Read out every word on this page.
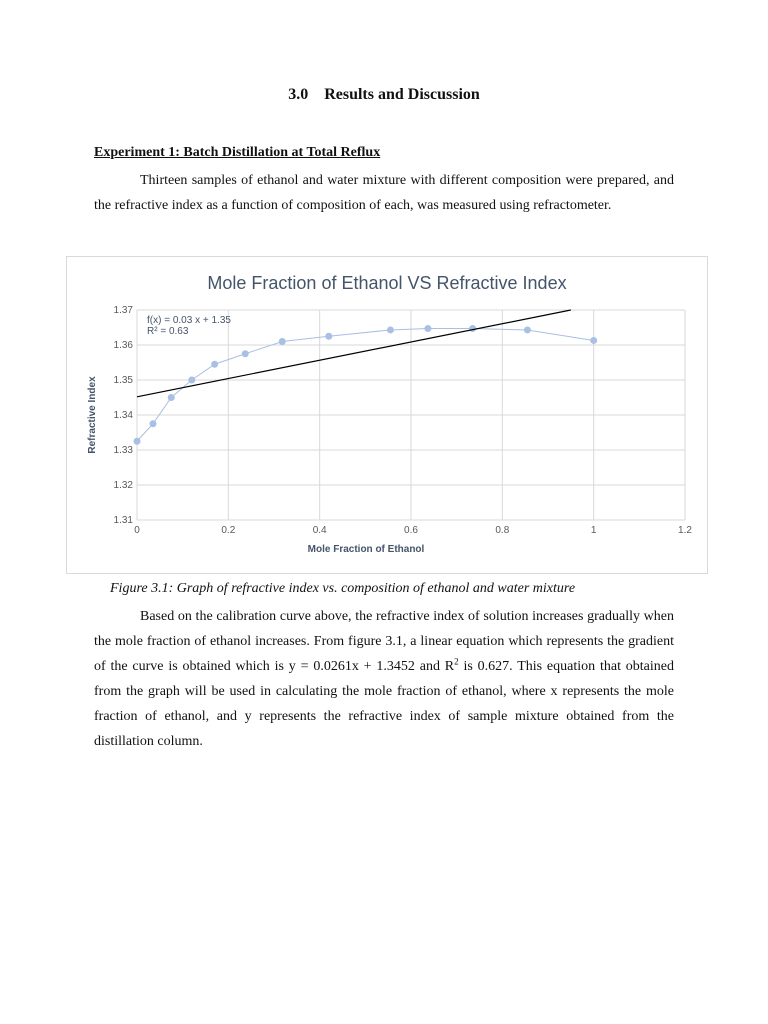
3.0 Results and Discussion
Experiment 1: Batch Distillation at Total Reflux

Thirteen samples of ethanol and water mixture with different composition were prepared, and the refractive index as a function of composition of each, was measured using refractometer.

Mole Fraction of Ethanol VS Refractive Index
0	0.2	0.4	0.6	0.8	1	1.2
1.31
1.32
1.33
1.34
1.35
1.36
1.37
Mole Fraction of Ethanol
Refractive Index
f(x) = 0.03 x + 1.35
R² = 0.63
Figure 3.1: Graph of refractive index vs. composition of ethanol and water mixture

Based on the calibration curve above, the refractive index of solution increases gradually when the mole fraction of ethanol increases. From figure 3.1, a linear equation which represents the gradient of the curve is obtained which is y = 0.0261x + 1.3452 and $R^2$ is 0.627. This equation that obtained from the graph will be used in calculating the mole fraction of ethanol, where x represents the mole fraction of ethanol, and y represents the refractive index of sample mixture obtained from the distillation column.
